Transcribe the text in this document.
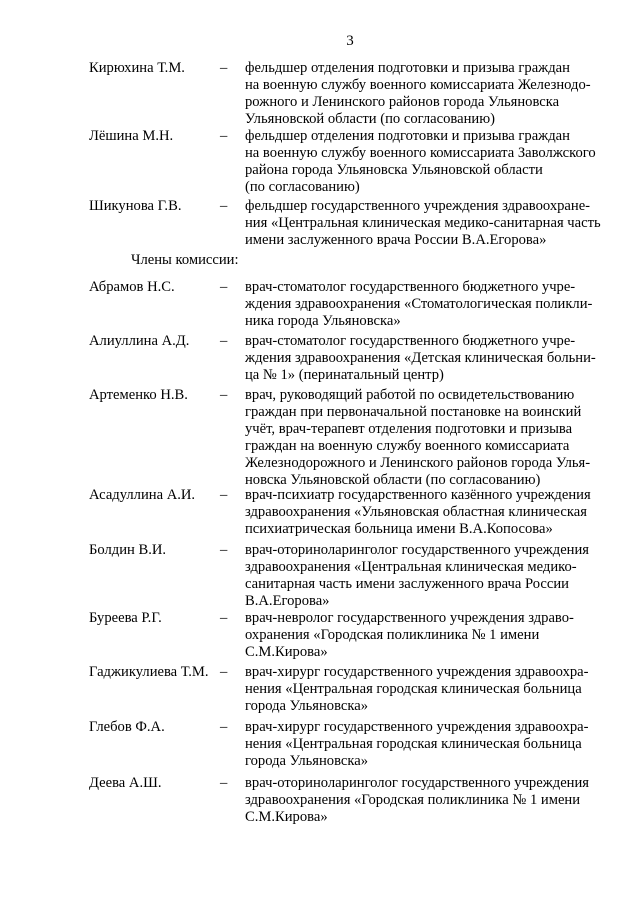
3
Кирюхина Т.М. – фельдшер отделения подготовки и призыва граждан
на военную службу военного комиссариата Железнодо-
рожного и Ленинского районов города Ульяновска
Ульяновской области (по согласованию)
Лёшина М.Н.	– фельдшер отделения подготовки и призыва граждан
на военную службу военного комиссариата Заволжского
района города Ульяновска Ульяновской области
(по согласованию)
Шикунова Г.В.	– фельдшер государственного учреждения здравоохране-
ния «Центральная клиническая медико-санитарная часть
имени заслуженного врача России В.А.Егорова»
Члены комиссии:
Абрамов Н.С.	– врач-стоматолог государственного бюджетного учре-
ждения здравоохранения «Стоматологическая поликли-
ника города Ульяновска»
Алиуллина А.Д. – врач-стоматолог государственного бюджетного учре-
ждения здравоохранения «Детская клиническая больни-
ца № 1» (перинатальный центр)
Артеменко Н.В. – врач, руководящий работой по освидетельствованию
граждан при первоначальной постановке на воинский
учёт, врач-терапевт отделения подготовки и призыва
граждан на военную службу военного комиссариата
Железнодорожного и Ленинского районов города Улья-
новска Ульяновской области (по согласованию)
Асадуллина А.И. – врач-психиатр государственного казённого учреждения
здравоохранения «Ульяновская областная клиническая
психиатрическая больница имени В.А.Копосова»
Болдин В.И.	– врач-оториноларинголог государственного учреждения
здравоохранения «Центральная клиническая медико-
санитарная часть имени заслуженного врача России
В.А.Егорова»
Буреева Р.Г.	– врач-невролог государственного учреждения здраво-
охранения «Городская поликлиника № 1 имени
С.М.Кирова»
Гаджикулиева Т.М. – врач-хирург государственного учреждения здравоохра-
нения «Центральная городская клиническая больница
города Ульяновска»
Глебов Ф.А.	– врач-хирург государственного учреждения здравоохра-
нения «Центральная городская клиническая больница
города Ульяновска»
Деева А.Ш.	– врач-оториноларинголог государственного учреждения
здравоохранения «Городская поликлиника № 1 имени
С.М.Кирова»
